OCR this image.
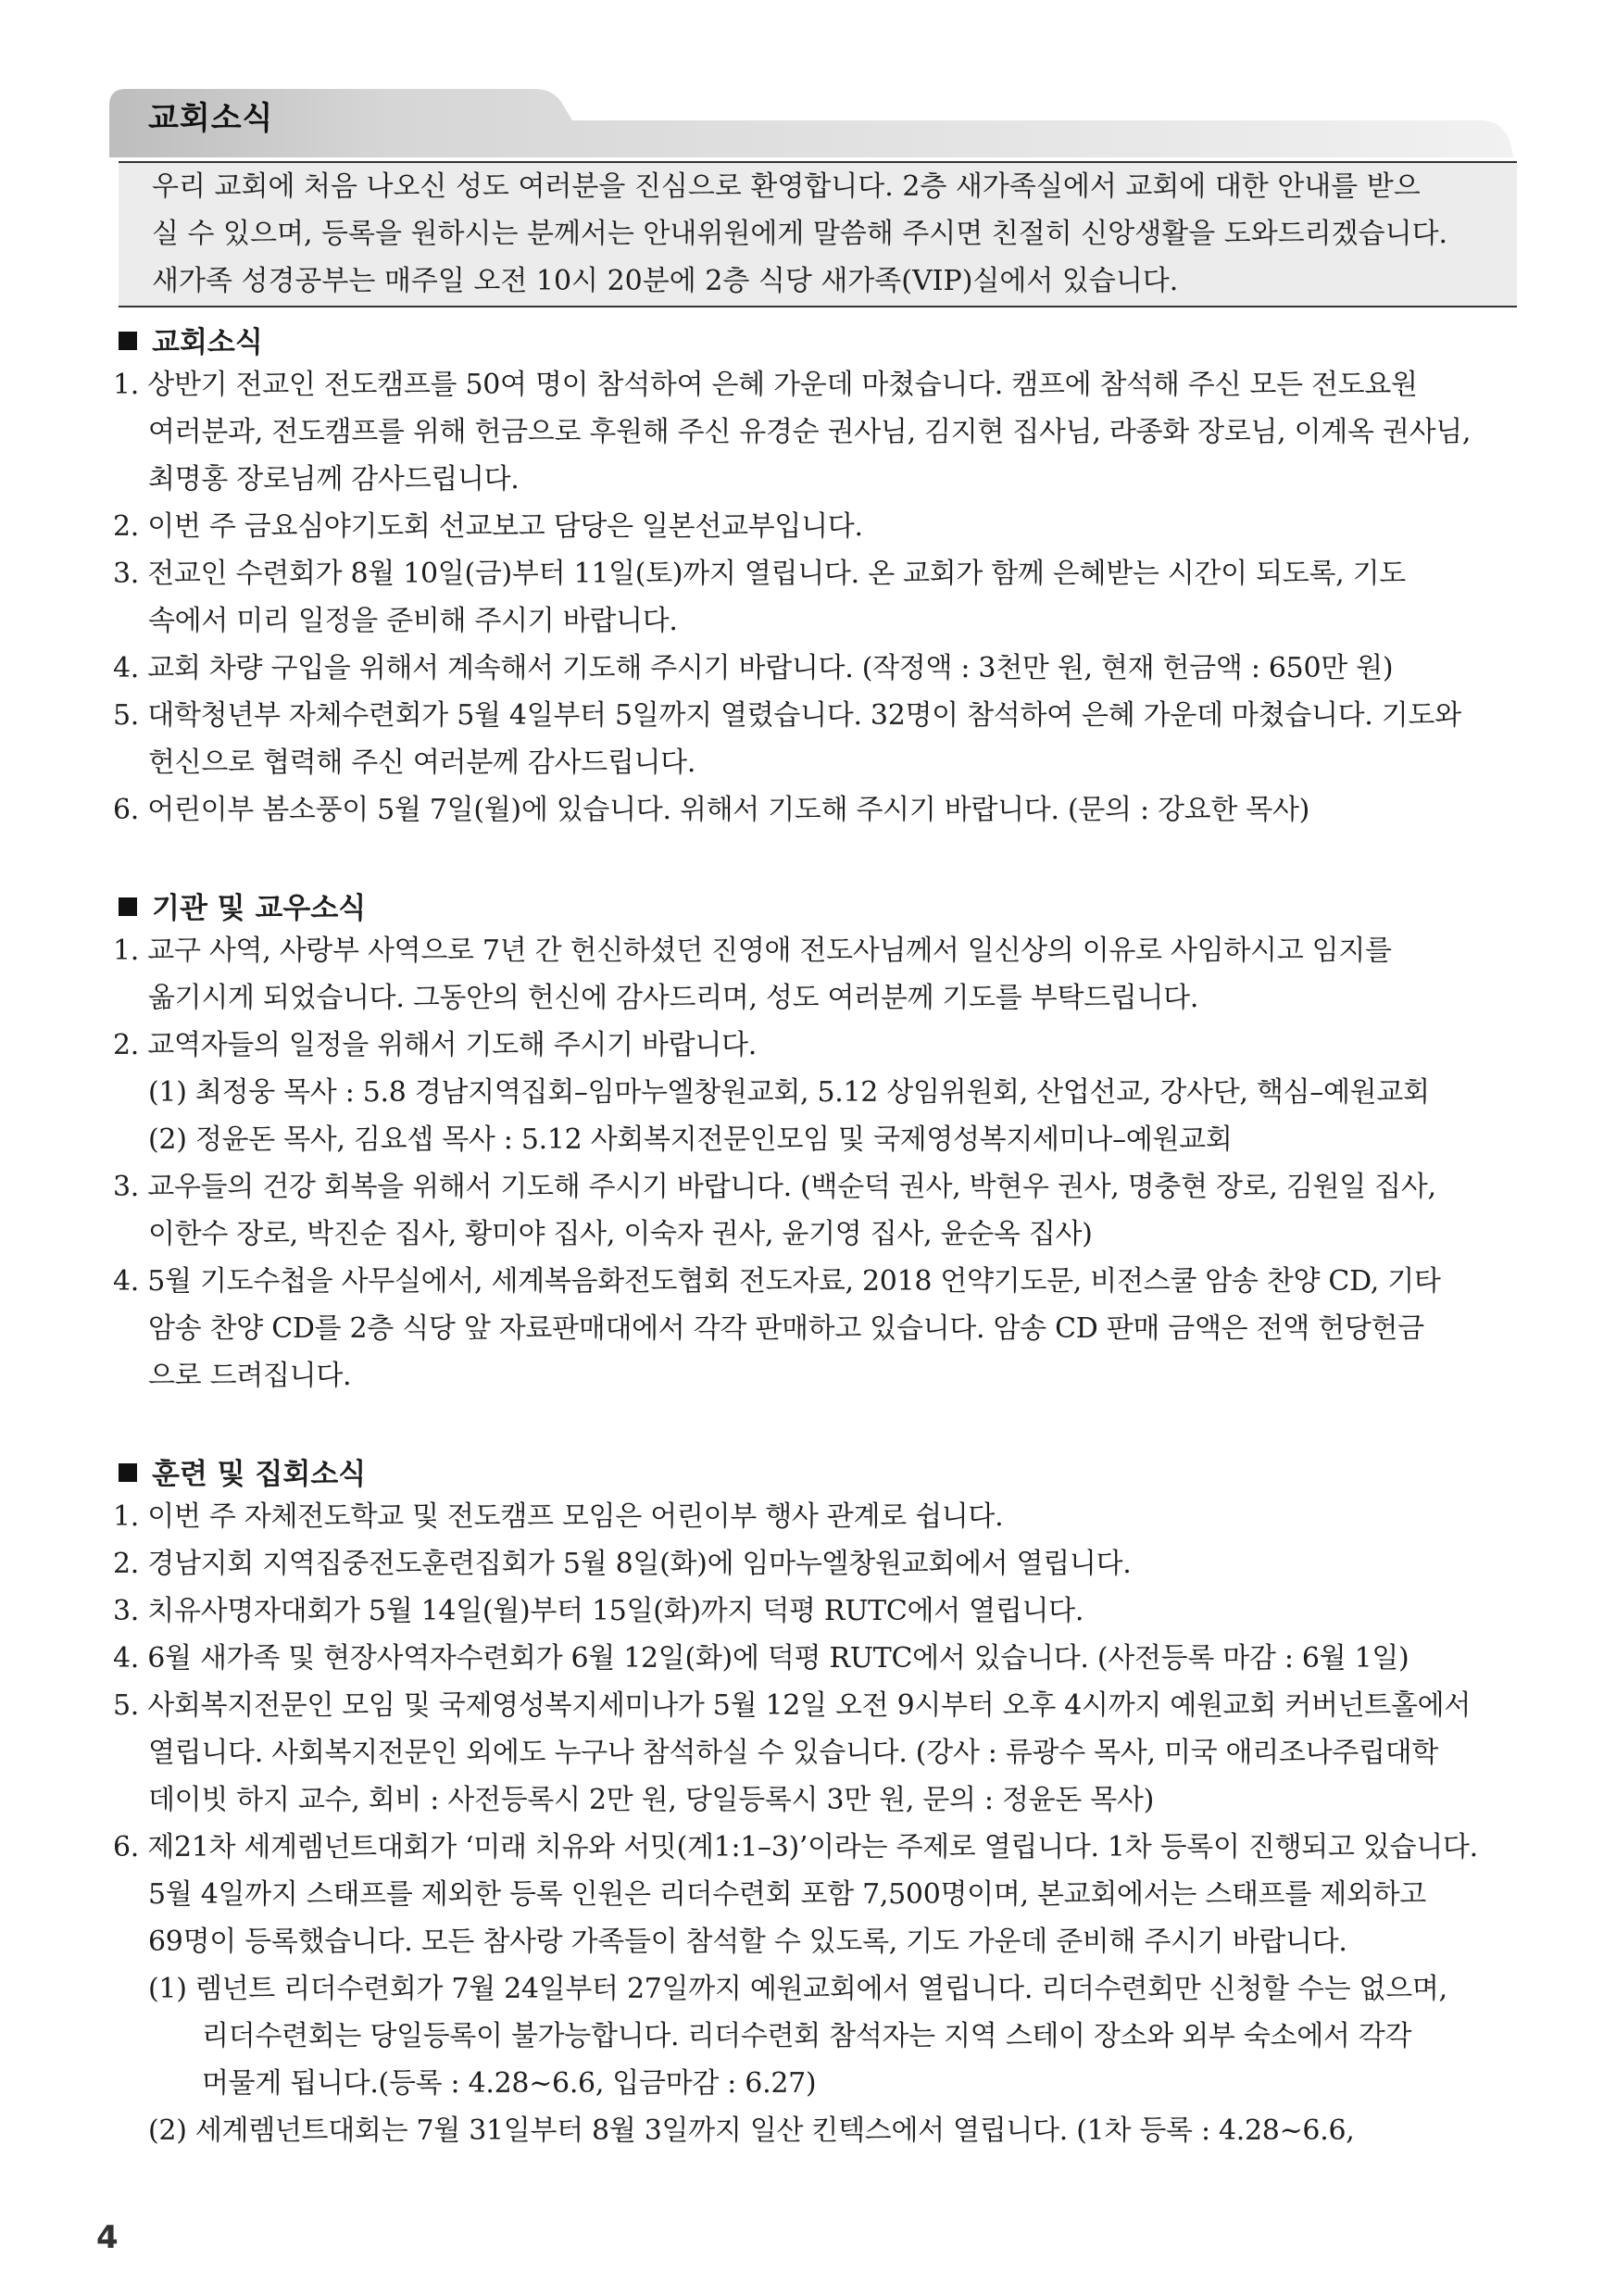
교회소식
우리 교회에 처음 나오신 성도 여러분을 진심으로 환영합니다. 2층 새가족실에서 교회에 대한 안내를 받으
실 수 있으며, 등록을 원하시는 분께서는 안내위원에게 말씀해 주시면 친절히 신앙생활을 도와드리겠습니다.
새가족 성경공부는 매주일 오전 10시 20분에 2층 식당 새가족(VIP)실에서 있습니다.
교회소식
1. 상반기 전교인 전도캠프를 50여 명이 참석하여 은혜 가운데 마쳤습니다. 캠프에 참석해 주신 모든 전도요원
여러분과, 전도캠프를 위해 헌금으로 후원해 주신 유경순 권사님, 김지현 집사님, 라종화 장로님, 이계옥 권사님,
최명홍 장로님께 감사드립니다.
2. 이번 주 금요심야기도회 선교보고 담당은 일본선교부입니다.
3. 전교인 수련회가 8월 10일(금)부터 11일(토)까지 열립니다. 온 교회가 함께 은혜받는 시간이 되도록, 기도
속에서 미리 일정을 준비해 주시기 바랍니다.
4. 교회 차량 구입을 위해서 계속해서 기도해 주시기 바랍니다. (작정액 : 3천만 원, 현재 헌금액 : 650만 원)
5. 대학청년부 자체수련회가 5월 4일부터 5일까지 열렸습니다. 32명이 참석하여 은혜 가운데 마쳤습니다. 기도와
헌신으로 협력해 주신 여러분께 감사드립니다.
6. 어린이부 봄소풍이 5월 7일(월)에 있습니다. 위해서 기도해 주시기 바랍니다. (문의 : 강요한 목사)
기관 및 교우소식
1. 교구 사역, 사랑부 사역으로 7년 간 헌신하셨던 진영애 전도사님께서 일신상의 이유로 사임하시고 임지를
옮기시게 되었습니다. 그동안의 헌신에 감사드리며, 성도 여러분께 기도를 부탁드립니다.
2. 교역자들의 일정을 위해서 기도해 주시기 바랍니다.
(1) 최정웅 목사 : 5.8 경남지역집회–임마누엘창원교회, 5.12 상임위원회, 산업선교, 강사단, 핵심–예원교회
(2) 정윤돈 목사, 김요셉 목사 : 5.12 사회복지전문인모임 및 국제영성복지세미나–예원교회
3. 교우들의 건강 회복을 위해서 기도해 주시기 바랍니다. (백순덕 권사, 박현우 권사, 명충현 장로, 김원일 집사,
이한수 장로, 박진순 집사, 황미야 집사, 이숙자 권사, 윤기영 집사, 윤순옥 집사)
4. 5월 기도수첩을 사무실에서, 세계복음화전도협회 전도자료, 2018 언약기도문, 비전스쿨 암송 찬양 CD, 기타
암송 찬양 CD를 2층 식당 앞 자료판매대에서 각각 판매하고 있습니다. 암송 CD 판매 금액은 전액 헌당헌금
으로 드려집니다.
훈련 및 집회소식
1. 이번 주 자체전도학교 및 전도캠프 모임은 어린이부 행사 관계로 쉽니다.
2. 경남지회 지역집중전도훈련집회가 5월 8일(화)에 임마누엘창원교회에서 열립니다.
3. 치유사명자대회가 5월 14일(월)부터 15일(화)까지 덕평 RUTC에서 열립니다.
4. 6월 새가족 및 현장사역자수련회가 6월 12일(화)에 덕평 RUTC에서 있습니다. (사전등록 마감 : 6월 1일)
5. 사회복지전문인 모임 및 국제영성복지세미나가 5월 12일 오전 9시부터 오후 4시까지 예원교회 커버넌트홀에서
열립니다. 사회복지전문인 외에도 누구나 참석하실 수 있습니다. (강사 : 류광수 목사, 미국 애리조나주립대학
데이빗 하지 교수, 회비 : 사전등록시 2만 원, 당일등록시 3만 원, 문의 : 정윤돈 목사)
6. 제21차 세계렘넌트대회가 ‘미래 치유와 서밋(계1:1–3)’이라는 주제로 열립니다. 1차 등록이 진행되고 있습니다.
5월 4일까지 스태프를 제외한 등록 인원은 리더수련회 포함 7,500명이며, 본교회에서는 스태프를 제외하고
69명이 등록했습니다. 모든 참사랑 가족들이 참석할 수 있도록, 기도 가운데 준비해 주시기 바랍니다.
(1) 렘넌트 리더수련회가 7월 24일부터 27일까지 예원교회에서 열립니다. 리더수련회만 신청할 수는 없으며,
리더수련회는 당일등록이 불가능합니다. 리더수련회 참석자는 지역 스테이 장소와 외부 숙소에서 각각
머물게 됩니다.(등록 : 4.28~6.6, 입금마감 : 6.27)
(2) 세계렘넌트대회는 7월 31일부터 8월 3일까지 일산 킨텍스에서 열립니다. (1차 등록 : 4.28~6.6,
4
